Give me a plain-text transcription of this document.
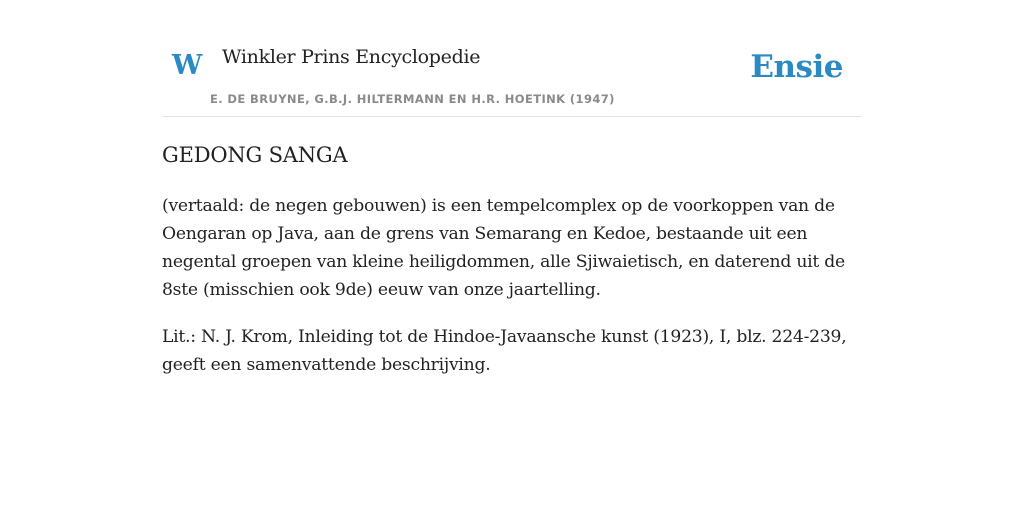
W Winkler Prins Encyclopedie
E. DE BRUYNE, G.B.J. HILTERMANN EN H.R. HOETINK (1947)
Ensie
GEDONG SANGA

(vertaald: de negen gebouwen) is een tempelcomplex op de voorkoppen van de Oengaran op Java, aan de grens van Semarang en Kedoe, bestaande uit een negental groepen van kleine heiligdommen, alle Sjiwaietisch, en daterend uit de 8ste (misschien ook 9de) eeuw van onze jaartelling.

Lit.: N. J. Krom, Inleiding tot de Hindoe-Javaansche kunst (1923), I, blz. 224-239, geeft een samenvattende beschrijving.
